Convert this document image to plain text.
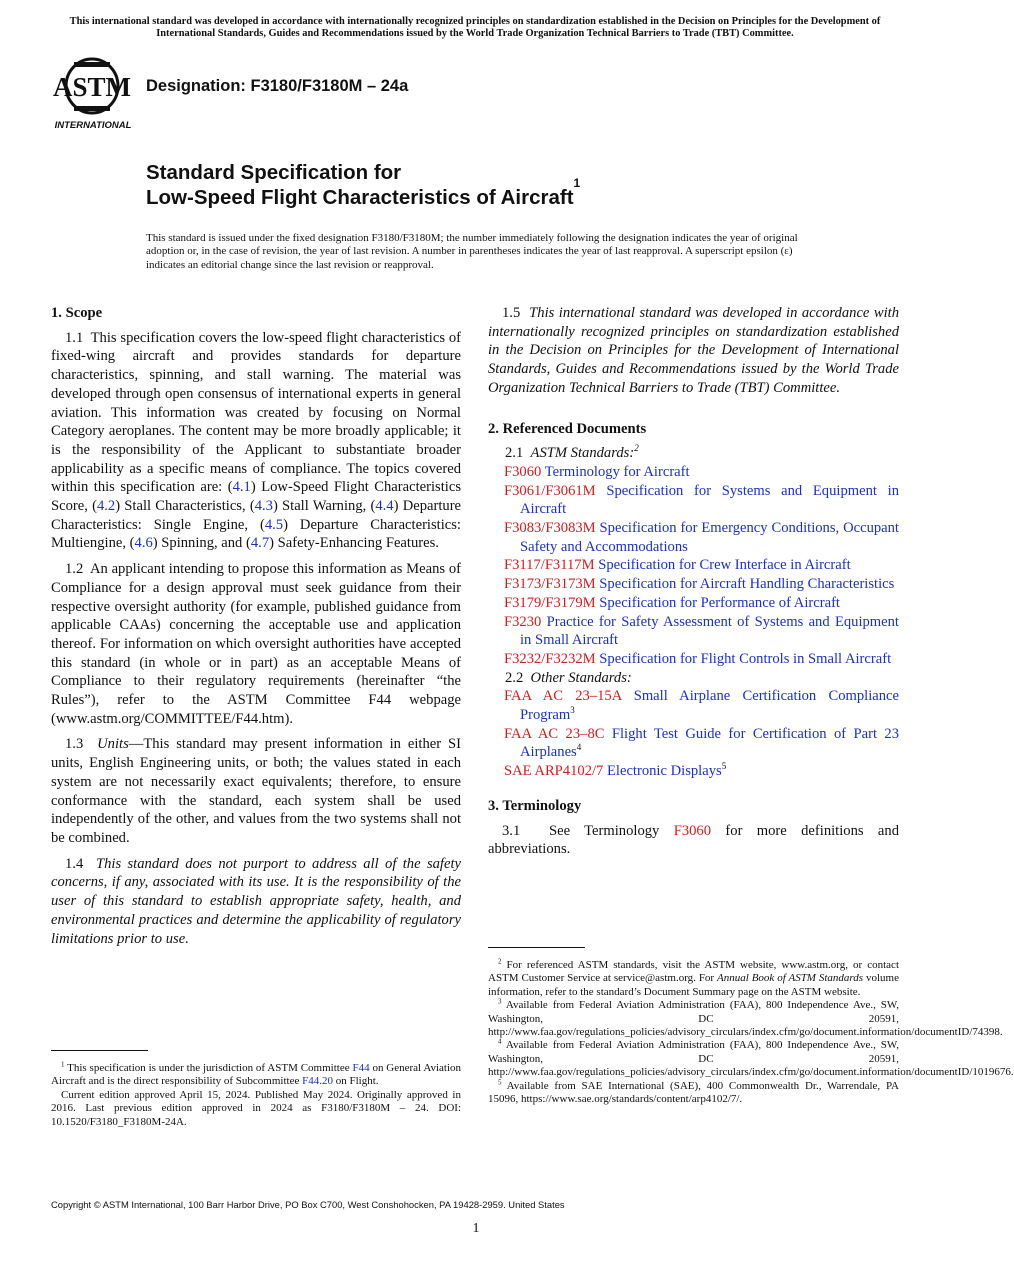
This international standard was developed in accordance with internationally recognized principles on standardization established in the Decision on Principles for the Development of International Standards, Guides and Recommendations issued by the World Trade Organization Technical Barriers to Trade (TBT) Committee.
ASTM
INTERNATIONAL
Designation: F3180/F3180M – 24a
Standard Specification for
Low-Speed Flight Characteristics of Aircraft$^1$
This standard is issued under the fixed designation F3180/F3180M; the number immediately following the designation indicates the year of original adoption or, in the case of revision, the year of last revision. A number in parentheses indicates the year of last reapproval. A superscript epsilon (ε) indicates an editorial change since the last revision or reapproval.

1. Scope

1.1 This specification covers the low-speed flight characteristics of fixed-wing aircraft and provides standards for departure characteristics, spinning, and stall warning. The material was developed through open consensus of international experts in general aviation. This information was created by focusing on Normal Category aeroplanes. The content may be more broadly applicable; it is the responsibility of the Applicant to substantiate broader applicability as a specific means of compliance. The topics covered within this specification are: (4.1) Low-Speed Flight Characteristics Score, (4.2) Stall Characteristics, (4.3) Stall Warning, (4.4) Departure Characteristics: Single Engine, (4.5) Departure Characteristics: Multiengine, (4.6) Spinning, and (4.7) Safety-Enhancing Features.

1.2 An applicant intending to propose this information as Means of Compliance for a design approval must seek guidance from their respective oversight authority (for example, published guidance from applicable CAAs) concerning the acceptable use and application thereof. For information on which oversight authorities have accepted this standard (in whole or in part) as an acceptable Means of Compliance to their regulatory requirements (hereinafter “the Rules”), refer to the ASTM Committee F44 webpage (www.astm.org/COMMITTEE/F44.htm).

1.3 Units—This standard may present information in either SI units, English Engineering units, or both; the values stated in each system are not necessarily exact equivalents; therefore, to ensure conformance with the standard, each system shall be used independently of the other, and values from the two systems shall not be combined.

1.4 This standard does not purport to address all of the safety concerns, if any, associated with its use. It is the responsibility of the user of this standard to establish appropriate safety, health, and environmental practices and determine the applicability of regulatory limitations prior to use.

1.5 This international standard was developed in accordance with internationally recognized principles on standardization established in the Decision on Principles for the Development of International Standards, Guides and Recommendations issued by the World Trade Organization Technical Barriers to Trade (TBT) Committee.

2. Referenced Documents

2.1 ASTM Standards:$^2$

F3060 Terminology for Aircraft

F3061/F3061M Specification for Systems and Equipment in Aircraft

F3083/F3083M Specification for Emergency Conditions, Occupant Safety and Accommodations

F3117/F3117M Specification for Crew Interface in Aircraft

F3173/F3173M Specification for Aircraft Handling Characteristics

F3179/F3179M Specification for Performance of Aircraft

F3230 Practice for Safety Assessment of Systems and Equipment in Small Aircraft

F3232/F3232M Specification for Flight Controls in Small Aircraft

2.2 Other Standards:

FAA AC 23–15A Small Airplane Certification Compliance Program$^3$

FAA AC 23–8C Flight Test Guide for Certification of Part 23 Airplanes$^4$

SAE ARP4102/7 Electronic Displays$^5$

3. Terminology

3.1 See Terminology F3060 for more definitions and abbreviations.

$^1$ This specification is under the jurisdiction of ASTM Committee F44 on General Aviation Aircraft and is the direct responsibility of Subcommittee F44.20 on Flight.

Current edition approved April 15, 2024. Published May 2024. Originally approved in 2016. Last previous edition approved in 2024 as F3180/F3180M – 24. DOI: 10.1520/F3180_F3180M-24A.

$^2$ For referenced ASTM standards, visit the ASTM website, www.astm.org, or contact ASTM Customer Service at service@astm.org. For Annual Book of ASTM Standards volume information, refer to the standard’s Document Summary page on the ASTM website.

$^3$ Available from Federal Aviation Administration (FAA), 800 Independence Ave., SW, Washington, DC 20591, http://www.faa.gov/regulations_policies/advisory_circulars/index.cfm/go/document.information/documentID/74398.

$^4$ Available from Federal Aviation Administration (FAA), 800 Independence Ave., SW, Washington, DC 20591, http://www.faa.gov/regulations_policies/advisory_circulars/index.cfm/go/document.information/documentID/1019676.

$^5$ Available from SAE International (SAE), 400 Commonwealth Dr., Warrendale, PA 15096, https://www.sae.org/standards/content/arp4102/7/.

Copyright © ASTM International, 100 Barr Harbor Drive, PO Box C700, West Conshohocken, PA 19428-2959. United States
1
